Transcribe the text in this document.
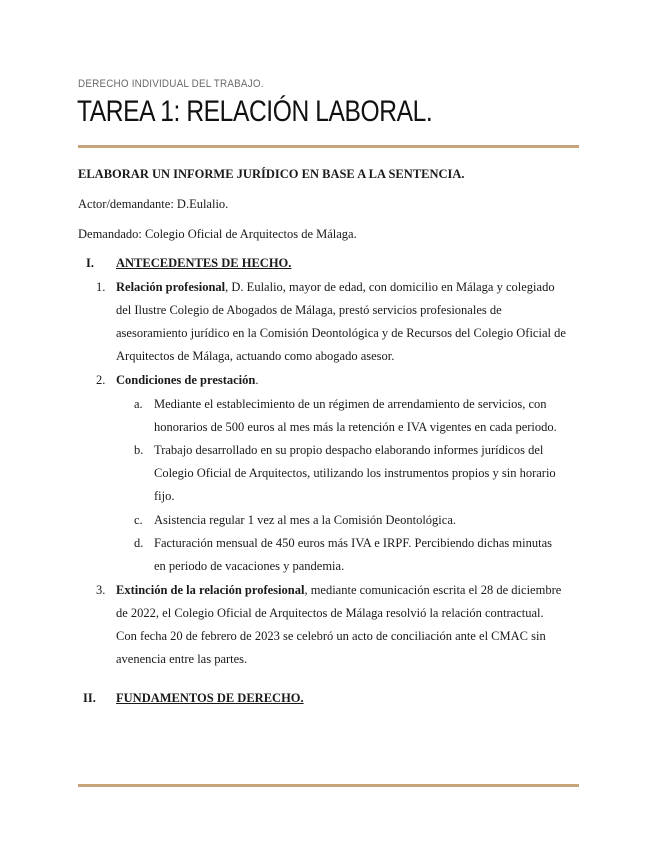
DERECHO INDIVIDUAL DEL TRABAJO.
TAREA 1: RELACIÓN LABORAL.
ELABORAR UN INFORME JURÍDICO EN BASE A LA SENTENCIA.
Actor/demandante: D.Eulalio.
Demandado: Colegio Oficial de Arquitectos de Málaga.
I. ANTECEDENTES DE HECHO.
1. Relación profesional, D. Eulalio, mayor de edad, con domicilio en Málaga y colegiado
del Ilustre Colegio de Abogados de Málaga, prestó servicios profesionales de
asesoramiento jurídico en la Comisión Deontológica y de Recursos del Colegio Oficial de
Arquitectos de Málaga, actuando como abogado asesor.
2. Condiciones de prestación.
a. Mediante el establecimiento de un régimen de arrendamiento de servicios, con
honorarios de 500 euros al mes más la retención e IVA vigentes en cada periodo.
b. Trabajo desarrollado en su propio despacho elaborando informes jurídicos del
Colegio Oficial de Arquitectos, utilizando los instrumentos propios y sin horario
fijo.
c. Asistencia regular 1 vez al mes a la Comisión Deontológica.
d. Facturación mensual de 450 euros más IVA e IRPF. Percibiendo dichas minutas
en periodo de vacaciones y pandemia.
3. Extinción de la relación profesional, mediante comunicación escrita el 28 de diciembre
de 2022, el Colegio Oficial de Arquitectos de Málaga resolvió la relación contractual.
Con fecha 20 de febrero de 2023 se celebró un acto de conciliación ante el CMAC sin
avenencia entre las partes.
II. FUNDAMENTOS DE DERECHO.
